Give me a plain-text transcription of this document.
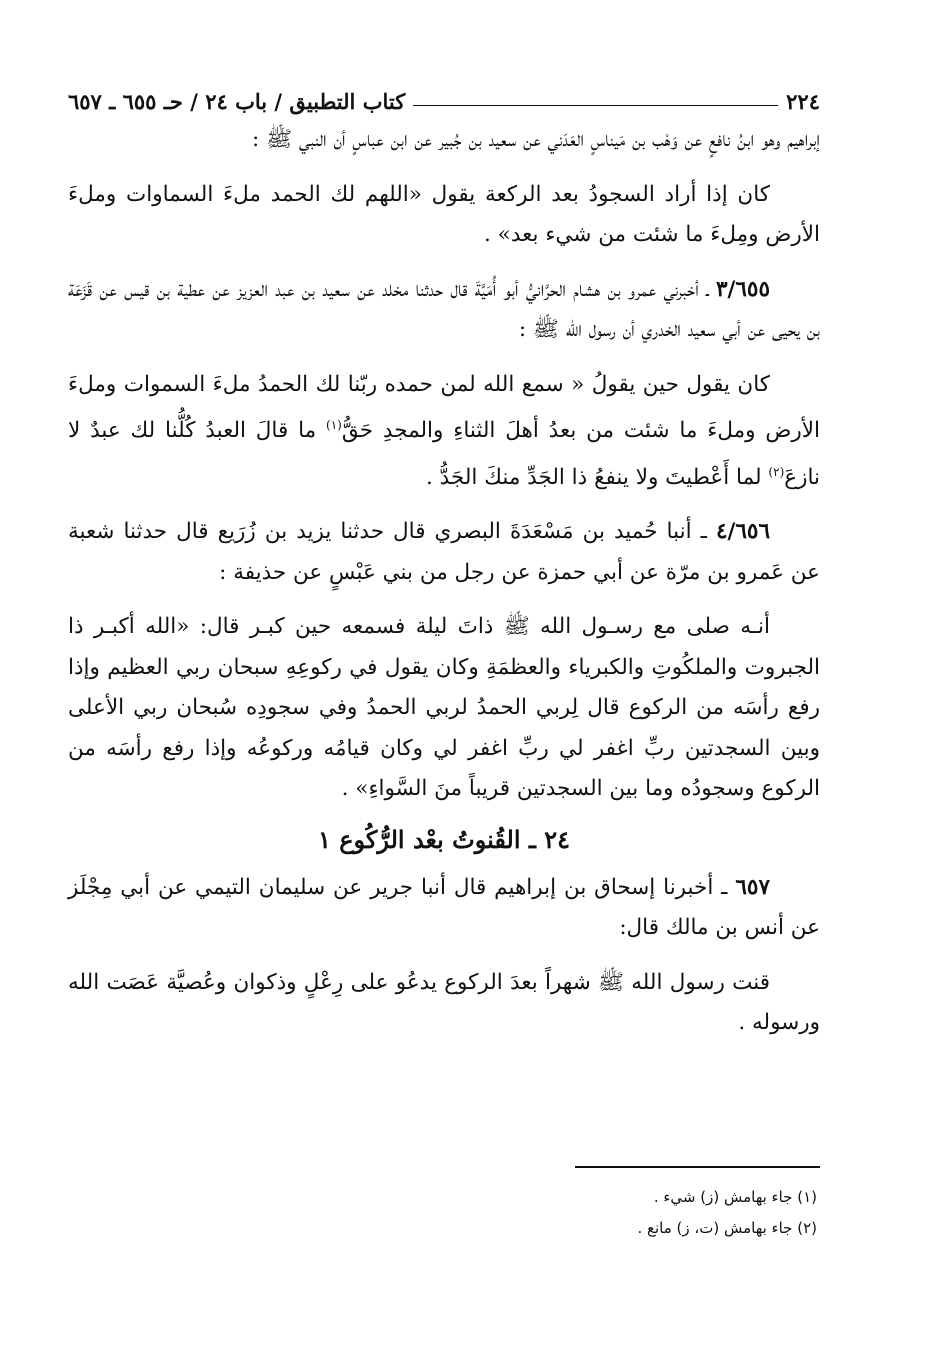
٢٢٤
كتاب التطبيق / باب ٢٤ / حـ ٦٥٥ ـ ٦٥٧

إبراهيم وهو ابنُ نافعٍ عن وَهْب بن مَيناسٍ العَدَني عن سعيد بن جُبير عن ابن عباسٍ أن النبي ﷺ :

كان إذا أراد السجودُ بعد الركعة يقول «اللهم لك الحمد ملءَ السماوات وملءَ الأرض ومِلءَ ما شئت من شيء بعد» .

٣/٦٥٥ ـ أخبرني عمرو بن هشام الحرَّانيُّ أبو أُمَيَّةَ قال حدثنا مخلد عن سعيد بن عبد العزيز عن عطية بن قيس عن قَزَعَة بن يحيى عن أبي سعيد الخدري أن رسول الله ﷺ :

كان يقول حين يقولُ « سمع الله لمن حمده ربّنا لك الحمدُ ملءَ السموات وملءَ الأرض وملءَ ما شئت من بعدُ أهلَ الثناءِ والمجدِ حَقُّ$^{(١)}$ ما قالَ العبدُ كُلُّنا لك عبدٌ لا نازعَ$^{(٢)}$ لما أَعْطيتَ ولا ينفعُ ذا الجَدِّ منكَ الجَدُّ .

٤/٦٥٦ ـ أنبا حُميد بن مَسْعَدَةَ البصري قال حدثنا يزيد بن زُرَيع قال حدثنا شعبة عن عَمرو بن مرّة عن أبي حمزة عن رجل من بني عَبْسٍ عن حذيفة :

أنـه صلى مع رسـول الله ﷺ ذاتَ ليلة فسمعه حين كبـر قال: «الله أكبـر ذا الجبروت والملكُوتِ والكبرياء والعظمَةِ وكان يقول في ركوعِهِ سبحان ربي العظيم وإذا رفع رأسَه من الركوع قال لِربي الحمدُ لربي الحمدُ وفي سجودِه سُبحان ربي الأعلى وبين السجدتين ربِّ اغفر لي ربِّ اغفر لي وكان قيامُه وركوعُه وإذا رفع رأسَه من الركوع وسجودُه وما بين السجدتين قريباً منَ السَّواءِ» .

٢٤ ـ القُنوتُ بعْد الرُّكُوع ١

٦٥٧ ـ أخبرنا إسحاق بن إبراهيم قال أنبا جرير عن سليمان التيمي عن أبي مِجْلَز عن أنس بن مالك قال:

قنت رسول الله ﷺ شهراً بعدَ الركوع يدعُو على رِعْلٍ وذكوان وعُصيَّة عَصَت الله ورسوله .

(١) جاء بهامش (ز) شيء .
(٢) جاء بهامش (ت، ز) مانع .
